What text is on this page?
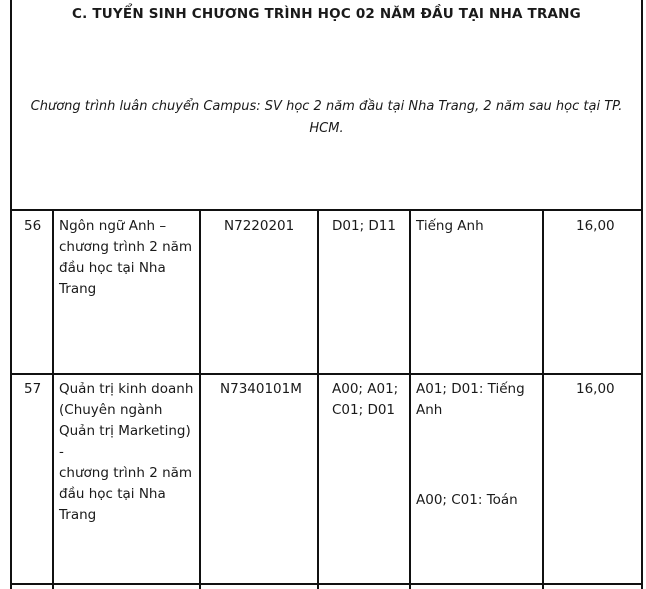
C. TUYỂN SINH CHƯƠNG TRÌNH HỌC 02 NĂM ĐẦU TẠI NHA TRANG
Chương trình luân chuyển Campus: SV học 2 năm đầu tại Nha Trang, 2 năm sau học tại TP.
HCM.
56 Ngôn ngữ Anh –
chương trình 2 năm
đầu học tại Nha
Trang
N7220201	D01; D11 Tiếng Anh	16,00
57 Quản trị kinh doanh
(Chuyên ngành
Quản trị Marketing) -
chương trình 2 năm
đầu học tại Nha
Trang
N7340101M A00; A01;
C01; D01
A01; D01: Tiếng
Anh
A00; C01: Toán
16,00
